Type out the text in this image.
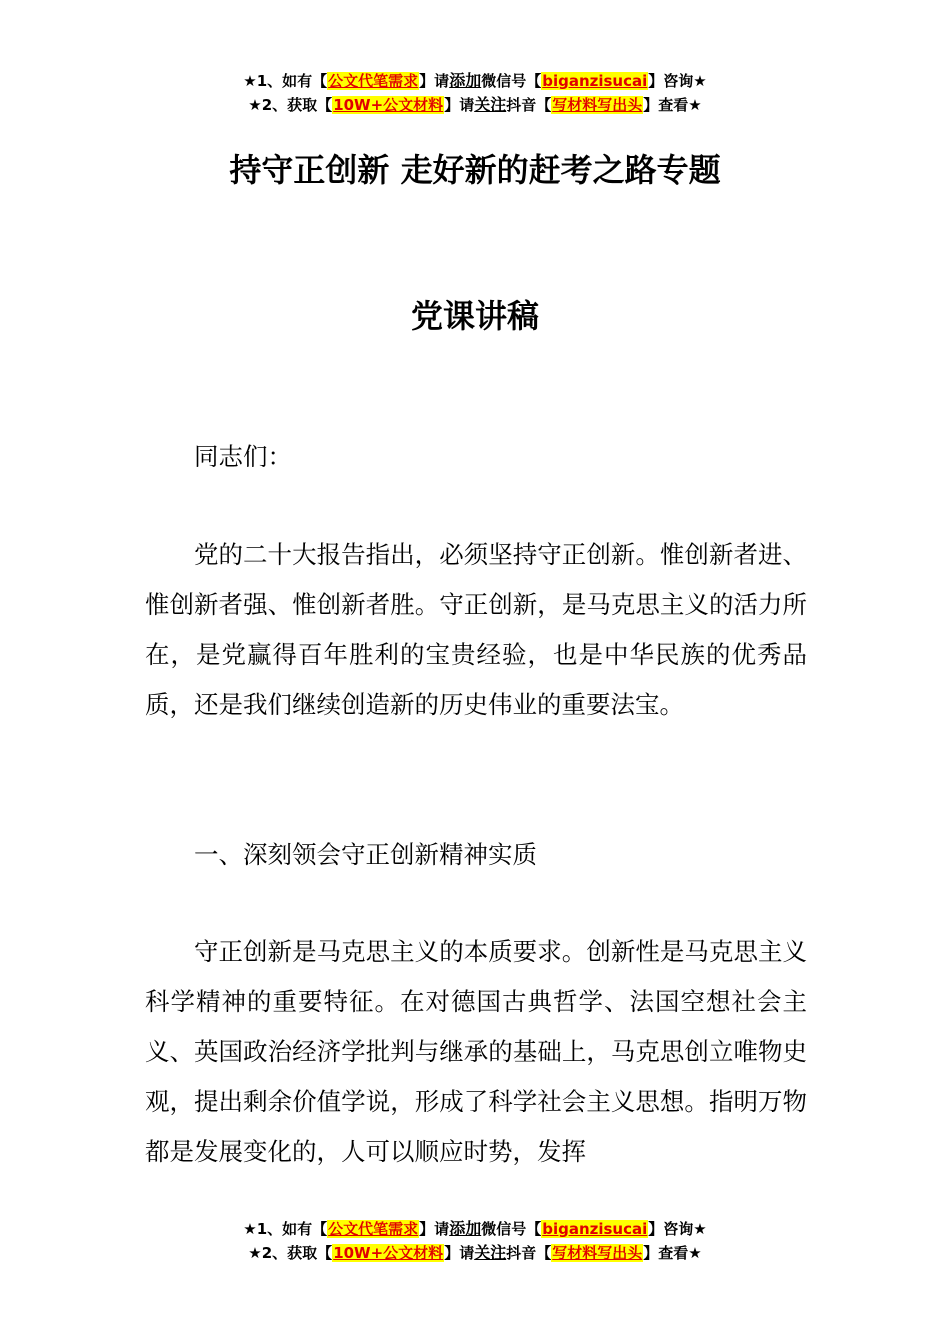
★1、如有【公文代笔需求】请添加微信号【biganzisucai】咨询★
★2、获取【10W+公文材料】请关注抖音【写材料写出头】查看★
持守正创新 走好新的赶考之路专题
党课讲稿

同志们：

党的二十大报告指出，必须坚持守正创新。惟创新者进、惟创新者强、惟创新者胜。守正创新，是马克思主义的活力所在，是党赢得百年胜利的宝贵经验，也是中华民族的优秀品质，还是我们继续创造新的历史伟业的重要法宝。

一、深刻领会守正创新精神实质

守正创新是马克思主义的本质要求。创新性是马克思主义科学精神的重要特征。在对德国古典哲学、法国空想社会主义、英国政治经济学批判与继承的基础上，马克思创立唯物史观，提出剩余价值学说，形成了科学社会主义思想。指明万物都是发展变化的，人可以顺应时势，发挥

★1、如有【公文代笔需求】请添加微信号【biganzisucai】咨询★
★2、获取【10W+公文材料】请关注抖音【写材料写出头】查看★
